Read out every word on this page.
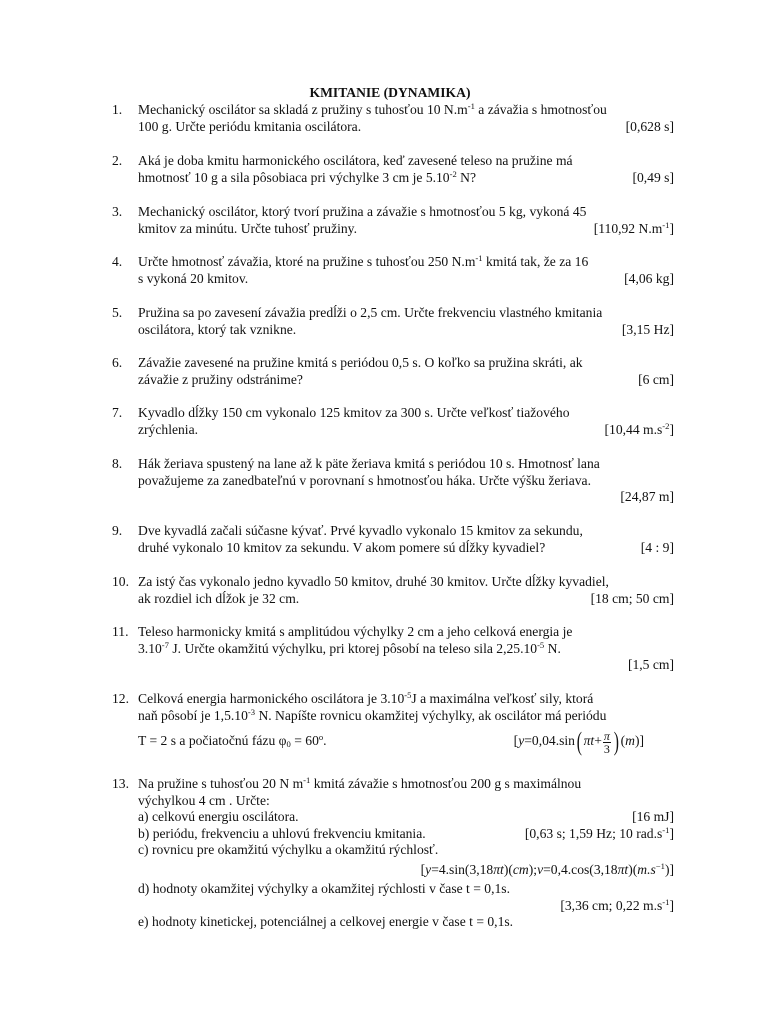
KMITANIE (DYNAMIKA)
1.	Mechanický oscilátor sa skladá z pružiny s tuhosťou 10 $N.m^{-1}$ a závažia s hmotnosťou
100 g. Určte periódu kmitania oscilátora.	[0,628 s]
2.	Aká je doba kmitu harmonického oscilátora, keď zavesené teleso na pružine má
hmotnosť 10 g a sila pôsobiaca pri výchylke 3 cm je $5.10^{-2}$ N?	[0,49 s]
3.	Mechanický oscilátor, ktorý tvorí pružina a závažie s hmotnosťou 5 kg, vykoná 45
kmitov za minútu. Určte tuhosť pružiny.	[110,92 $N.m^{-1}$]
4.	Určte hmotnosť závažia, ktoré na pružine s tuhosťou 250 $N.m^{-1}$ kmitá tak, že za 16
s vykoná 20 kmitov.	[4,06 kg]
5.	Pružina sa po zavesení závažia predĺži o 2,5 cm. Určte frekvenciu vlastného kmitania
oscilátora, ktorý tak vznikne.	[3,15 Hz]
6.	Závažie zavesené na pružine kmitá s periódou 0,5 s. O koľko sa pružina skráti, ak
závažie z pružiny odstránime?	[6 cm]
7.	Kyvadlo dĺžky 150 cm vykonalo 125 kmitov za 300 s. Určte veľkosť tiažového
zrýchlenia.	[10,44 $m.s^{-2}$]
8.	Hák žeriava spustený na lane až k päte žeriava kmitá s periódou 10 s. Hmotnosť lana
považujeme za zanedbateľnú v porovnaní s hmotnosťou háka. Určte výšku žeriava.
[24,87 m]
9.	Dve kyvadlá začali súčasne kývať. Prvé kyvadlo vykonalo 15 kmitov za sekundu,
druhé vykonalo 10 kmitov za sekundu. V akom pomere sú dĺžky kyvadiel?	[4 : 9]
10. Za istý čas vykonalo jedno kyvadlo 50 kmitov, druhé 30 kmitov. Určte dĺžky kyvadiel,
ak rozdiel ich dĺžok je 32 cm.	[18 cm; 50 cm]
11. Teleso harmonicky kmitá s amplitúdou výchylky 2 cm a jeho celková energia je
$3.10^{-7}$ J. Určte okamžitú výchylku, pri ktorej pôsobí na teleso sila $2,25.10^{-5}$ N.
[1,5 cm]
12. Celková energia harmonického oscilátora je $3.10^{-5}J$ a maximálna veľkosť sily, ktorá
naň pôsobí je $1,5.10^{-3}$ N. Napíšte rovnicu okamžitej výchylky, ak oscilátor má periódu
T = 2 s a počiatočnú fázu $\varphi_0 = 60^o$.	[y=0,04.sin( $\pi t+ \frac{\pi}{3}$ ) (m)]
13. Na pružine s tuhosťou 20 N $m^{-1}$ kmitá závažie s hmotnosťou 200 g s maximálnou
výchylkou 4 cm . Určte:
a) celkovú energiu oscilátora.	[16 mJ]
b) periódu, frekvenciu a uhlovú frekvenciu kmitania.	[0,63 s; 1,59 Hz; 10 $rad.s^{-1}$]
c) rovnicu pre okamžitú výchylku a okamžitú rýchlosť.
$[y=4.\sin(3,18\pi t)(cm);v=0,4.\cos(3,18\pi t)(m.s^{-1})]$
d) hodnoty okamžitej výchylky a okamžitej rýchlosti v čase t = 0,1s.
[3,36 cm; 0,22 $m.s^{-1}$]
e) hodnoty kinetickej, potenciálnej a celkovej energie v čase t = 0,1s.
